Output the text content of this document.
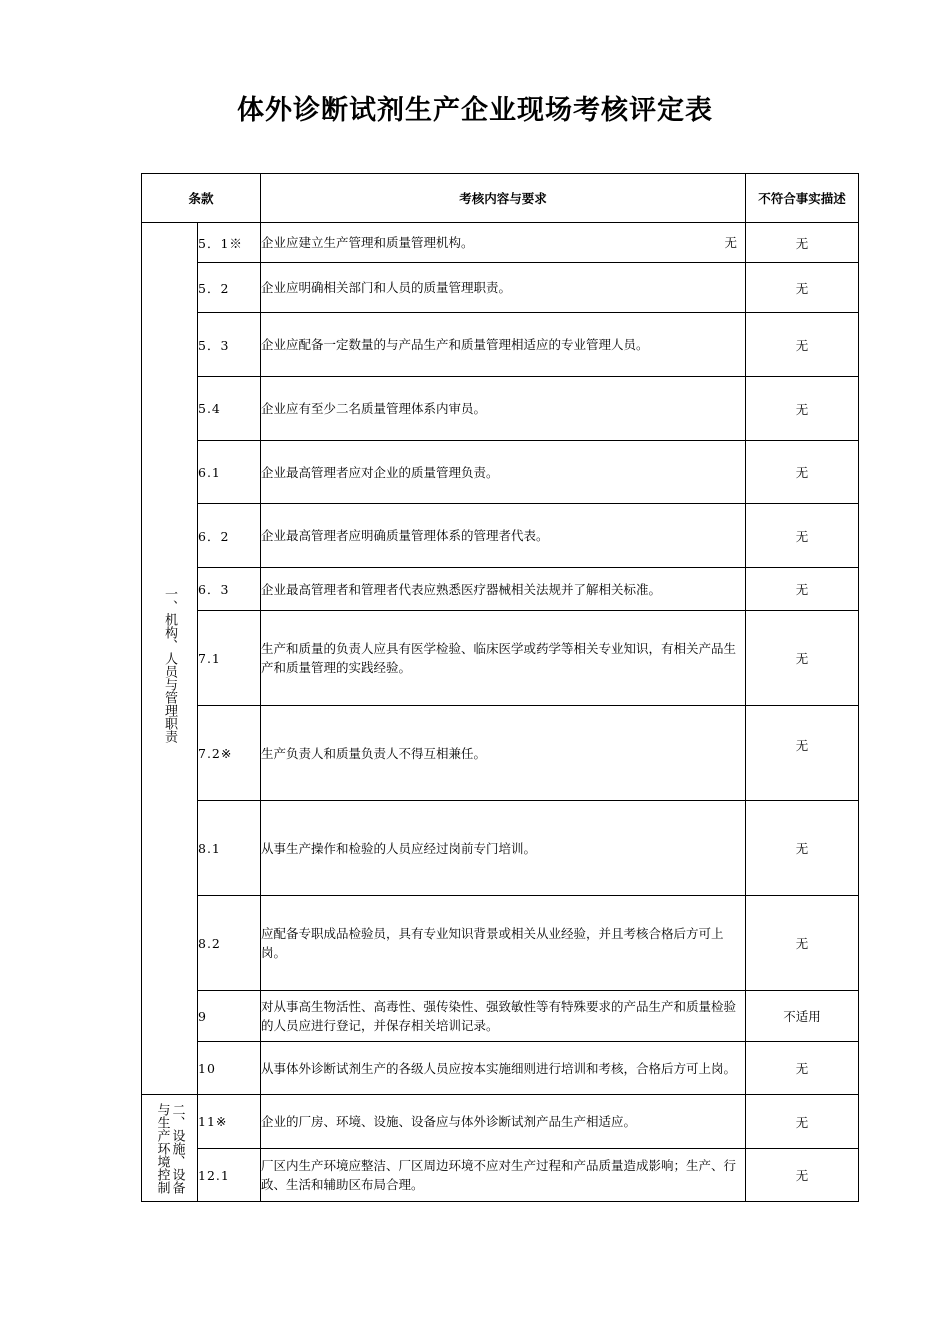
体外诊断试剂生产企业现场考核评定表
条款		考核内容与要求	不符合事实描述

一、机构、人员与管理职责	5．1※	企业应建立生产管理和质量管理机构。 无	无
	5．2	企业应明确相关部门和人员的质量管理职责。	无
	5．3	企业应配备一定数量的与产品生产和质量管理相适应的专业管理人员。	无
	5.4	企业应有至少二名质量管理体系内审员。	无
	6.1	企业最高管理者应对企业的质量管理负责。	无
	6．2	企业最高管理者应明确质量管理体系的管理者代表。	无
	6．3	企业最高管理者和管理者代表应熟悉医疗器械相关法规并了解相关标准。	无
	7.1	生产和质量的负责人应具有医学检验、临床医学或药学等相关专业知识，有相关产品生产和质量管理的实践经验。	无
	7.2※	生产负责人和质量负责人不得互相兼任。	无
	8.1	从事生产操作和检验的人员应经过岗前专门培训。	无
	8.2	应配备专职成品检验员，具有专业知识背景或相关从业经验，并且考核合格后方可上岗。	无
	9	对从事高生物活性、高毒性、强传染性、强致敏性等有特殊要求的产品生产和质量检验的人员应进行登记，并保存相关培训记录。	不适用
	10	从事体外诊断试剂生产的各级人员应按本实施细则进行培训和考核，合格后方可上岗。	无

二、设施、设备与生产环境控制	11※	企业的厂房、环境、设施、设备应与体外诊断试剂产品生产相适应。	无
	12.1	厂区内生产环境应整洁、厂区周边环境不应对生产过程和产品质量造成影响；生产、行政、生活和辅助区布局合理。	无
